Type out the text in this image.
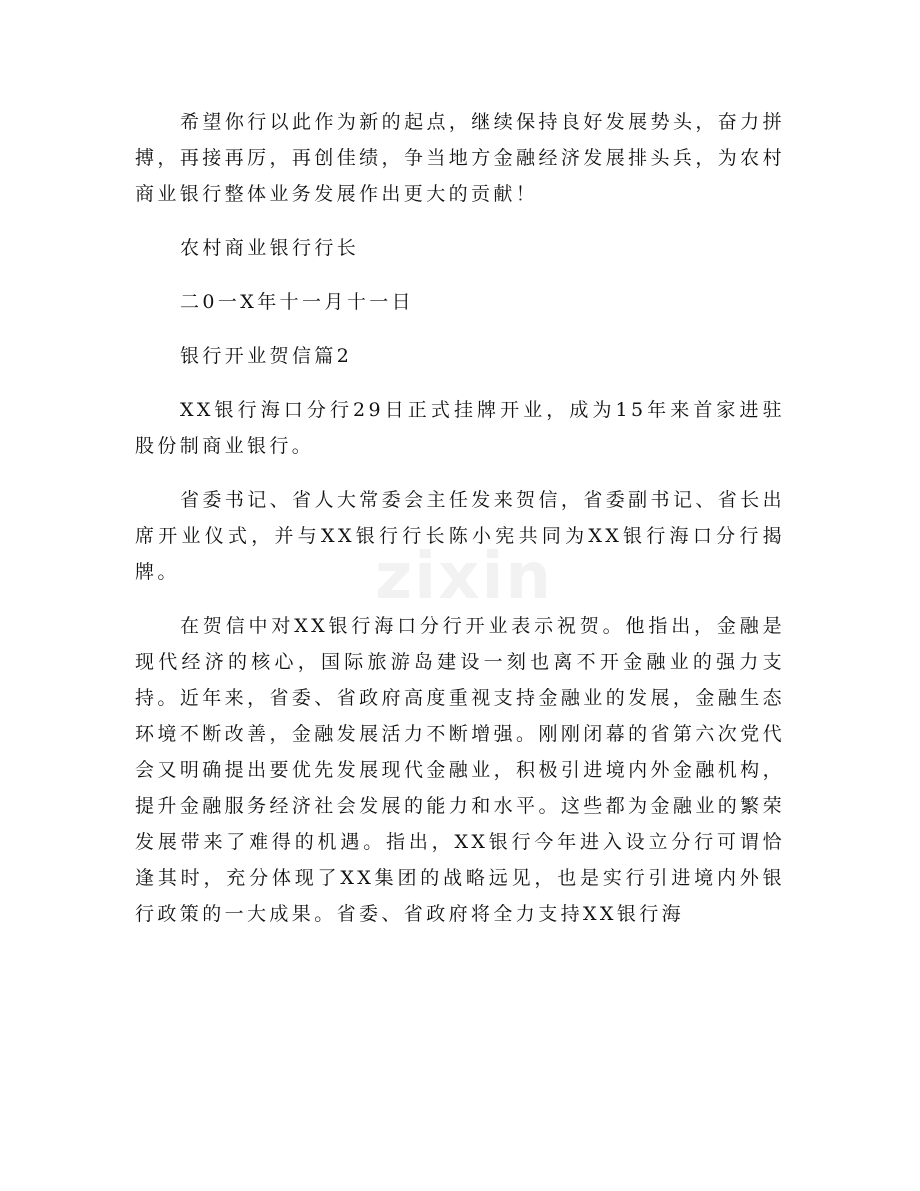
zixin

希望你行以此作为新的起点，继续保持良好发展势头，奋力拼搏，再接再厉，再创佳绩，争当地方金融经济发展排头兵，为农村商业银行整体业务发展作出更大的贡献！

农村商业银行行长

二0一X年十一月十一日

银行开业贺信篇2

XX银行海口分行29日正式挂牌开业，成为15年来首家进驻股份制商业银行。

省委书记、省人大常委会主任发来贺信，省委副书记、省长出席开业仪式，并与XX银行行长陈小宪共同为XX银行海口分行揭牌。

在贺信中对XX银行海口分行开业表示祝贺。他指出，金融是现代经济的核心，国际旅游岛建设一刻也离不开金融业的强力支持。近年来，省委、省政府高度重视支持金融业的发展，金融生态环境不断改善，金融发展活力不断增强。刚刚闭幕的省第六次党代会又明确提出要优先发展现代金融业，积极引进境内外金融机构，提升金融服务经济社会发展的能力和水平。这些都为金融业的繁荣发展带来了难得的机遇。指出，XX银行今年进入设立分行可谓恰逢其时，充分体现了XX集团的战略远见，也是实行引进境内外银行政策的一大成果。省委、省政府将全力支持XX银行海
